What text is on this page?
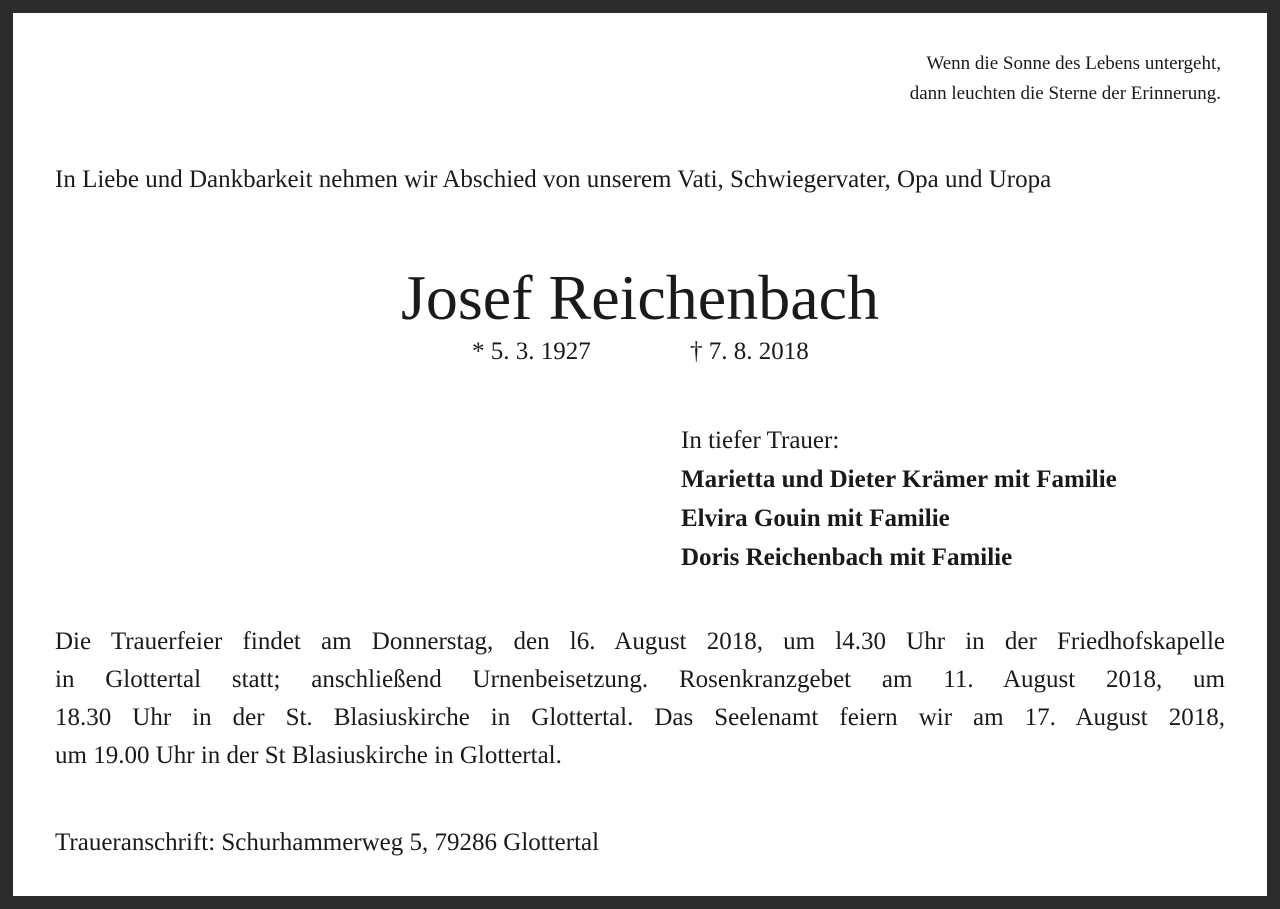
Wenn die Sonne des Lebens untergeht,
dann leuchten die Sterne der Erinnerung.

In Liebe und Dankbarkeit nehmen wir Abschied von unserem Vati, Schwiegervater, Opa und Uropa

Josef Reichenbach
* 5. 3. 1927	† 7. 8. 2018
In tiefer Trauer:
Marietta und Dieter Krämer mit Familie
Elvira Gouin mit Familie
Doris Reichenbach mit Familie
Die Trauerfeier findet am Donnerstag, den l6. August 2018, um l4.30 Uhr in der Friedhofskapelle
in Glottertal statt; anschließend Urnenbeisetzung. Rosenkranzgebet am 11. August 2018, um
18.30 Uhr in der St. Blasiuskirche in Glottertal. Das Seelenamt feiern wir am 17. August 2018,
um 19.00 Uhr in der St Blasiuskirche in Glottertal.

Traueranschrift: Schurhammerweg 5, 79286 Glottertal
